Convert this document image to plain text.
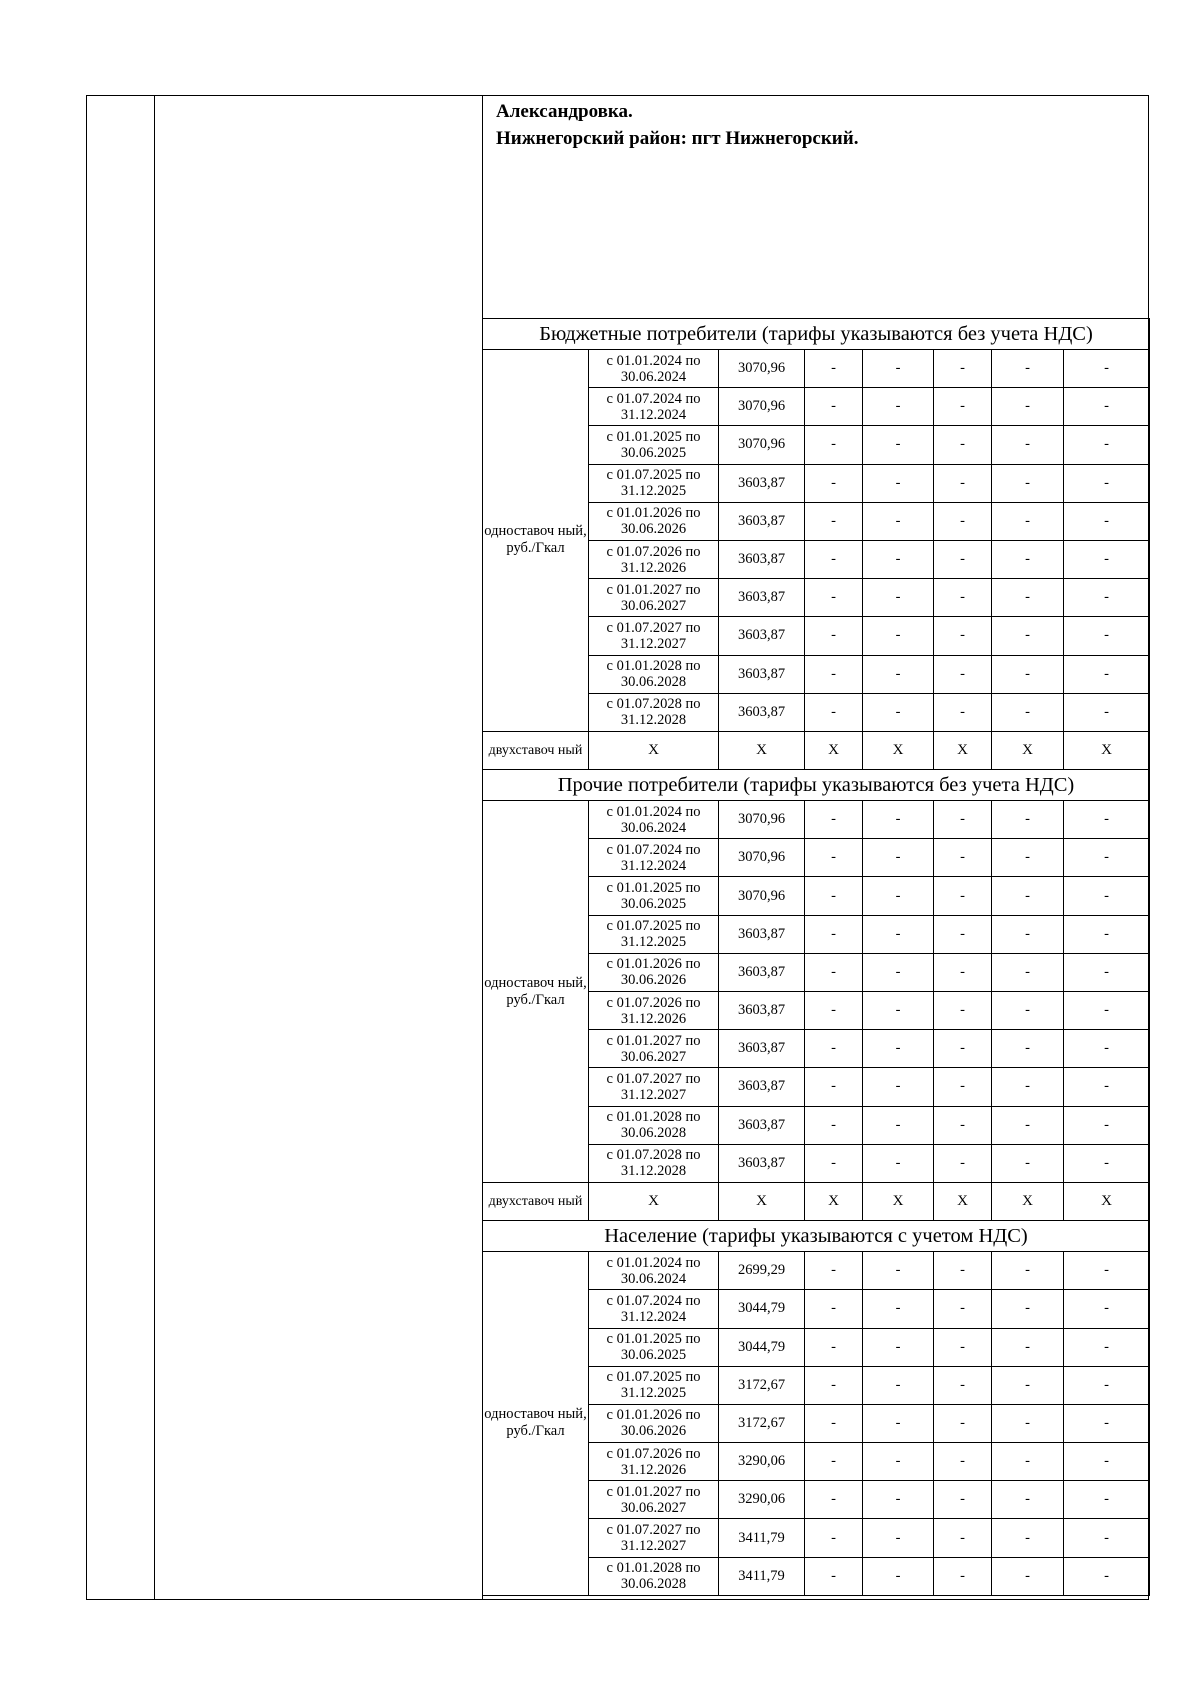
Александровка.
Нижнегорский район: пгт Нижнегорский.
Бюджетные потребители (тарифы указываются без учета НДС)							
одноставоч ный, руб./Гкал	с 01.01.2024 по 30.06.2024	3070,96	-	-	-	-	-
	с 01.07.2024 по 31.12.2024	3070,96	-	-	-	-	-
	с 01.01.2025 по 30.06.2025	3070,96	-	-	-	-	-
	с 01.07.2025 по 31.12.2025	3603,87	-	-	-	-	-
	с 01.01.2026 по 30.06.2026	3603,87	-	-	-	-	-
	с 01.07.2026 по 31.12.2026	3603,87	-	-	-	-	-
	с 01.01.2027 по 30.06.2027	3603,87	-	-	-	-	-
	с 01.07.2027 по 31.12.2027	3603,87	-	-	-	-	-
	с 01.01.2028 по 30.06.2028	3603,87	-	-	-	-	-
	с 01.07.2028 по 31.12.2028	3603,87	-	-	-	-	-
двухставоч ный	Х	Х	Х	Х	Х	Х	Х
Прочие потребители (тарифы указываются без учета НДС)							
одноставоч ный, руб./Гкал	с 01.01.2024 по 30.06.2024	3070,96	-	-	-	-	-
	с 01.07.2024 по 31.12.2024	3070,96	-	-	-	-	-
	с 01.01.2025 по 30.06.2025	3070,96	-	-	-	-	-
	с 01.07.2025 по 31.12.2025	3603,87	-	-	-	-	-
	с 01.01.2026 по 30.06.2026	3603,87	-	-	-	-	-
	с 01.07.2026 по 31.12.2026	3603,87	-	-	-	-	-
	с 01.01.2027 по 30.06.2027	3603,87	-	-	-	-	-
	с 01.07.2027 по 31.12.2027	3603,87	-	-	-	-	-
	с 01.01.2028 по 30.06.2028	3603,87	-	-	-	-	-
	с 01.07.2028 по 31.12.2028	3603,87	-	-	-	-	-
двухставоч ный	Х	Х	Х	Х	Х	Х	Х
Население (тарифы указываются с учетом НДС)							
одноставоч ный, руб./Гкал	с 01.01.2024 по 30.06.2024	2699,29	-	-	-	-	-
	с 01.07.2024 по 31.12.2024	3044,79	-	-	-	-	-
	с 01.01.2025 по 30.06.2025	3044,79	-	-	-	-	-
	с 01.07.2025 по 31.12.2025	3172,67	-	-	-	-	-
	с 01.01.2026 по 30.06.2026	3172,67	-	-	-	-	-
	с 01.07.2026 по 31.12.2026	3290,06	-	-	-	-	-
	с 01.01.2027 по 30.06.2027	3290,06	-	-	-	-	-
	с 01.07.2027 по 31.12.2027	3411,79	-	-	-	-	-
	с 01.01.2028 по 30.06.2028	3411,79	-	-	-	-	-
